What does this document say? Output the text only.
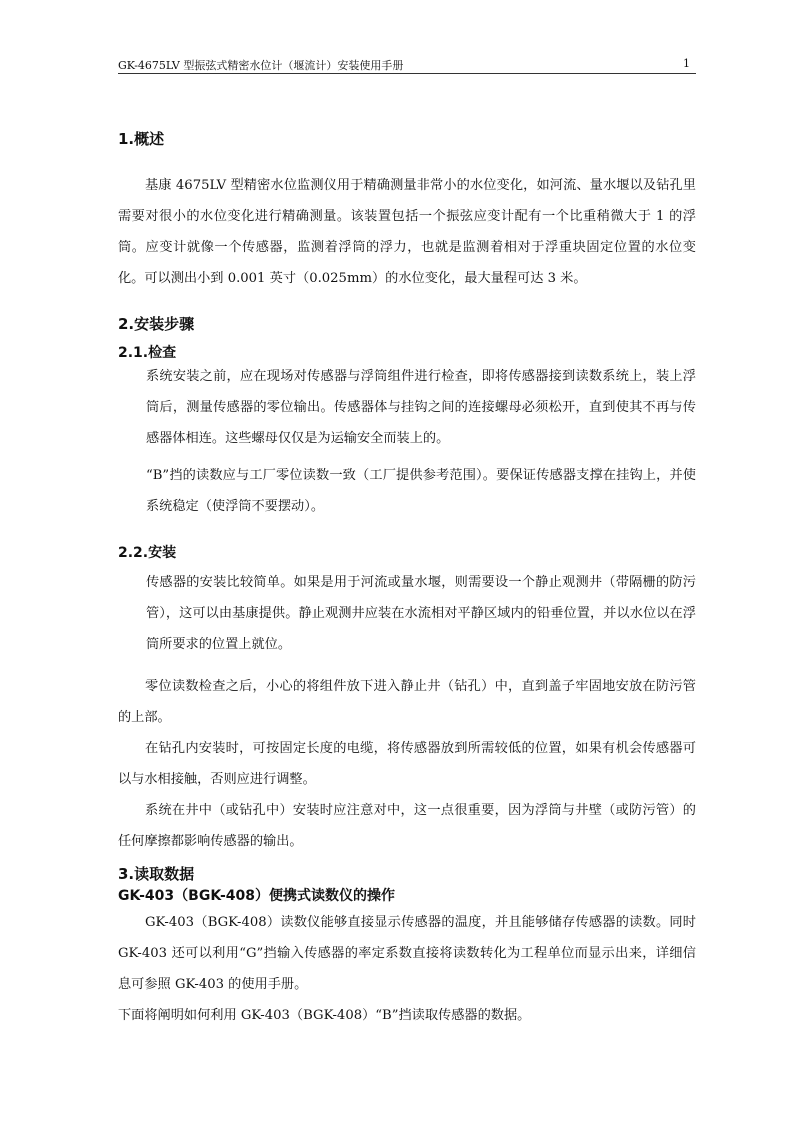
GK-4675LV 型振弦式精密水位计（堰流计）安装使用手册	1
1.概述

基康 4675LV 型精密水位监测仪用于精确测量非常小的水位变化，如河流、量水堰以及钻孔里需要对很小的水位变化进行精确测量。该装置包括一个振弦应变计配有一个比重稍微大于 1 的浮筒。应变计就像一个传感器，监测着浮筒的浮力，也就是监测着相对于浮重块固定位置的水位变化。可以测出小到 0.001 英寸（0.025mm）的水位变化，最大量程可达 3 米。

2.安装步骤
2.1.检查

系统安装之前，应在现场对传感器与浮筒组件进行检查，即将传感器接到读数系统上，装上浮筒后，测量传感器的零位输出。传感器体与挂钩之间的连接螺母必须松开，直到使其不再与传感器体相连。这些螺母仅仅是为运输安全而装上的。

“B”挡的读数应与工厂零位读数一致（工厂提供参考范围）。要保证传感器支撑在挂钩上，并使系统稳定（使浮筒不要摆动）。

2.2.安装

传感器的安装比较简单。如果是用于河流或量水堰，则需要设一个静止观测井（带隔栅的防污管），这可以由基康提供。静止观测井应装在水流相对平静区域内的铅垂位置，并以水位以在浮筒所要求的位置上就位。

零位读数检查之后，小心的将组件放下进入静止井（钻孔）中，直到盖子牢固地安放在防污管的上部。

在钻孔内安装时，可按固定长度的电缆，将传感器放到所需较低的位置，如果有机会传感器可以与水相接触，否则应进行调整。

系统在井中（或钻孔中）安装时应注意对中，这一点很重要，因为浮筒与井壁（或防污管）的任何摩擦都影响传感器的输出。

3.读取数据
GK-403（BGK-408）便携式读数仪的操作

GK-403（BGK-408）读数仪能够直接显示传感器的温度，并且能够储存传感器的读数。同时GK-403 还可以利用“G”挡输入传感器的率定系数直接将读数转化为工程单位而显示出来，详细信息可参照 GK-403 的使用手册。

下面将阐明如何利用 GK-403（BGK-408）“B”挡读取传感器的数据。
